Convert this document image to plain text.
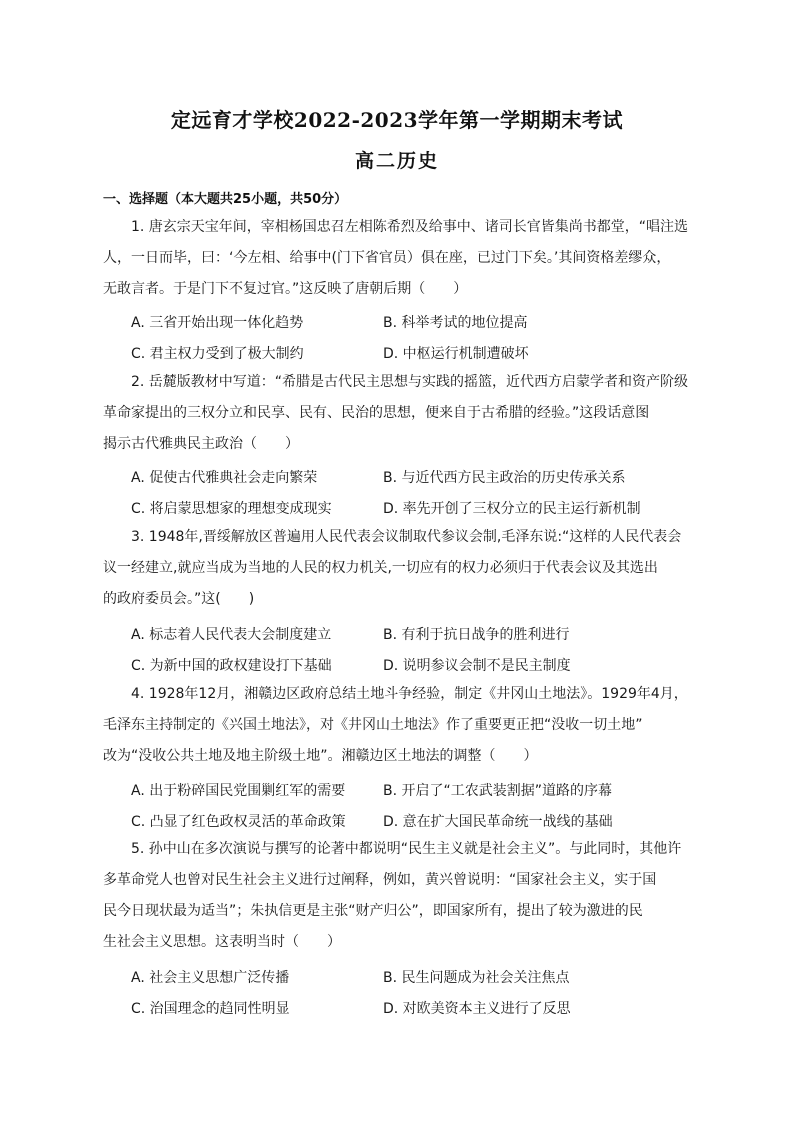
定远育才学校2022-2023学年第一学期期末考试
高二历史
一、选择题（本大题共25小题，共50分）
1. 唐玄宗天宝年间，宰相杨国忠召左相陈希烈及给事中、诸司长官皆集尚书都堂，“唱注选
人，一日而毕，曰：‘今左相、给事中(门下省官员）俱在座，已过门下矣。’其间资格差缪众，
无敢言者。于是门下不复过官。”这反映了唐朝后期（　　）
A. 三省开始出现一体化趋势	B. 科举考试的地位提高
C. 君主权力受到了极大制约	D. 中枢运行机制遭破坏
2. 岳麓版教材中写道：“希腊是古代民主思想与实践的摇篮，近代西方启蒙学者和资产阶级
革命家提出的三权分立和民享、民有、民治的思想，便来自于古希腊的经验。”这段话意图
揭示古代雅典民主政治（　　）
A. 促使古代雅典社会走向繁荣	B. 与近代西方民主政治的历史传承关系
C. 将启蒙思想家的理想变成现实	D. 率先开创了三权分立的民主运行新机制
3. 1948年,晋绥解放区普遍用人民代表会议制取代参议会制,毛泽东说:“这样的人民代表会
议一经建立,就应当成为当地的人民的权力机关,一切应有的权力必须归于代表会议及其选出
的政府委员会。”这(　　)
A. 标志着人民代表大会制度建立	B. 有利于抗日战争的胜利进行
C. 为新中国的政权建设打下基础	D. 说明参议会制不是民主制度
4. 1928年12月，湘赣边区政府总结土地斗争经验，制定《井冈山土地法》。1929年4月，
毛泽东主持制定的《兴国土地法》，对《井冈山土地法》作了重要更正把“没收一切土地”
改为“没收公共土地及地主阶级土地”。湘赣边区土地法的调整（　　）
A. 出于粉碎国民党围剿红军的需要	B. 开启了“工农武装割据”道路的序幕
C. 凸显了红色政权灵活的革命政策	D. 意在扩大国民革命统一战线的基础
5. 孙中山在多次演说与撰写的论著中都说明“民生主义就是社会主义”。与此同时，其他许
多革命党人也曾对民生社会主义进行过阐释，例如，黄兴曾说明：“国家社会主义，实于国
民今日现状最为适当”；朱执信更是主张“财产归公”，即国家所有，提出了较为激进的民
生社会主义思想。这表明当时（　　）
A. 社会主义思想广泛传播	B. 民生问题成为社会关注焦点
C. 治国理念的趋同性明显	D. 对欧美资本主义进行了反思
